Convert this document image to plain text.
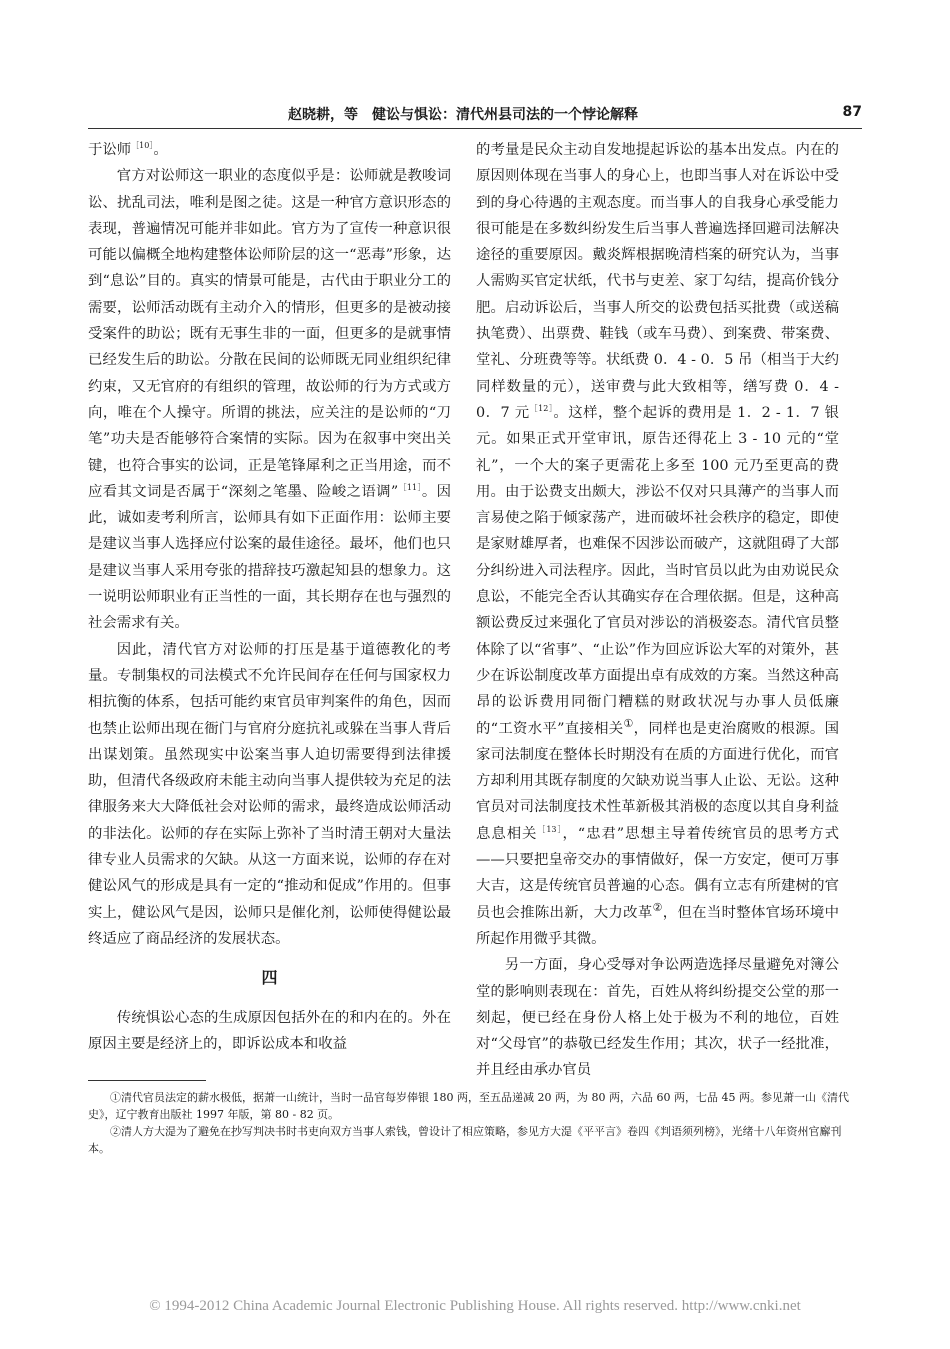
赵晓耕，等　健讼与惧讼：清代州县司法的一个悖论解释	87

于讼师$^{[10]}$。

官方对讼师这一职业的态度似乎是：讼师就是教唆词讼、扰乱司法，唯利是图之徒。这是一种官方意识形态的表现，普遍情况可能并非如此。官方为了宣传一种意识很可能以偏概全地构建整体讼师阶层的这一“恶毒”形象，达到“息讼”目的。真实的情景可能是，古代由于职业分工的需要，讼师活动既有主动介入的情形，但更多的是被动接受案件的助讼；既有无事生非的一面，但更多的是就事情已经发生后的助讼。分散在民间的讼师既无同业组织纪律约束，又无官府的有组织的管理，故讼师的行为方式或方向，唯在个人操守。所谓的挑法，应关注的是讼师的“刀笔”功夫是否能够符合案情的实际。因为在叙事中突出关键，也符合事实的讼词，正是笔锋犀利之正当用途，而不应看其文词是否属于“深刻之笔墨、险峻之语调”$^{[11]}$。因此，诚如麦考利所言，讼师具有如下正面作用：讼师主要是建议当事人选择应付讼案的最佳途径。最坏，他们也只是建议当事人采用夸张的措辞技巧激起知县的想象力。这一说明讼师职业有正当性的一面，其长期存在也与强烈的社会需求有关。

因此，清代官方对讼师的打压是基于道德教化的考量。专制集权的司法模式不允许民间存在任何与国家权力相抗衡的体系，包括可能约束官员审判案件的角色，因而也禁止讼师出现在衙门与官府分庭抗礼或躲在当事人背后出谋划策。虽然现实中讼案当事人迫切需要得到法律援助，但清代各级政府未能主动向当事人提供较为充足的法律服务来大大降低社会对讼师的需求，最终造成讼师活动的非法化。讼师的存在实际上弥补了当时清王朝对大量法律专业人员需求的欠缺。从这一方面来说，讼师的存在对健讼风气的形成是具有一定的“推动和促成”作用的。但事实上，健讼风气是因，讼师只是催化剂，讼师使得健讼最终适应了商品经济的发展状态。

四

传统惧讼心态的生成原因包括外在的和内在的。外在原因主要是经济上的，即诉讼成本和收益

的考量是民众主动自发地提起诉讼的基本出发点。内在的原因则体现在当事人的身心上，也即当事人对在诉讼中受到的身心待遇的主观态度。而当事人的自我身心承受能力很可能是在多数纠纷发生后当事人普遍选择回避司法解决途径的重要原因。戴炎辉根据晚清档案的研究认为，当事人需购买官定状纸，代书与吏差、家丁勾结，提高价钱分肥。启动诉讼后，当事人所交的讼费包括买批费（或送稿执笔费）、出票费、鞋钱（或车马费）、到案费、带案费、堂礼、分班费等等。状纸费 0．4 - 0．5 吊（相当于大约同样数量的元），送审费与此大致相等，缮写费 0．4 - 0．7 元$^{[12]}$。这样，整个起诉的费用是 1．2 - 1．7 银元。如果正式开堂审讯，原告还得花上 3 - 10 元的“堂礼”，一个大的案子更需花上多至 100 元乃至更高的费用。由于讼费支出颇大，涉讼不仅对只具薄产的当事人而言易使之陷于倾家荡产，进而破坏社会秩序的稳定，即使是家财雄厚者，也难保不因涉讼而破产，这就阻碍了大部分纠纷进入司法程序。因此，当时官员以此为由劝说民众息讼，不能完全否认其确实存在合理依据。但是，这种高额讼费反过来强化了官员对涉讼的消极姿态。清代官员整体除了以“省事”、“止讼”作为回应诉讼大军的对策外，甚少在诉讼制度改革方面提出卓有成效的方案。当然这种高昂的讼诉费用同衙门糟糕的财政状况与办事人员低廉的“工资水平”直接相关①，同样也是吏治腐败的根源。国家司法制度在整体长时期没有在质的方面进行优化，而官方却利用其既存制度的欠缺劝说当事人止讼、无讼。这种官员对司法制度技术性革新极其消极的态度以其自身利益息息相关$^{[13]}$，“忠君”思想主导着传统官员的思考方式——只要把皇帝交办的事情做好，保一方安定，便可万事大吉，这是传统官员普遍的心态。偶有立志有所建树的官员也会推陈出新，大力改革②，但在当时整体官场环境中所起作用微乎其微。

另一方面，身心受辱对争讼两造选择尽量避免对簿公堂的影响则表现在：首先，百姓从将纠纷提交公堂的那一刻起，便已经在身份人格上处于极为不利的地位，百姓对“父母官”的恭敬已经发生作用；其次，状子一经批准，并且经由承办官员

①清代官员法定的薪水极低，据萧一山统计，当时一品官每岁俸银 180 两，至五品递减 20 两，为 80 两，六品 60 两，七品 45 两。参见萧一山《清代史》，辽宁教育出版社 1997 年版，第 80 - 82 页。

②清人方大湜为了避免在抄写判决书时书吏向双方当事人索钱，曾设计了相应策略，参见方大湜《平平言》卷四《判语须列榜》，光绪十八年资州官廨刊本。

© 1994-2012 China Academic Journal Electronic Publishing House. All rights reserved. http://www.cnki.net
